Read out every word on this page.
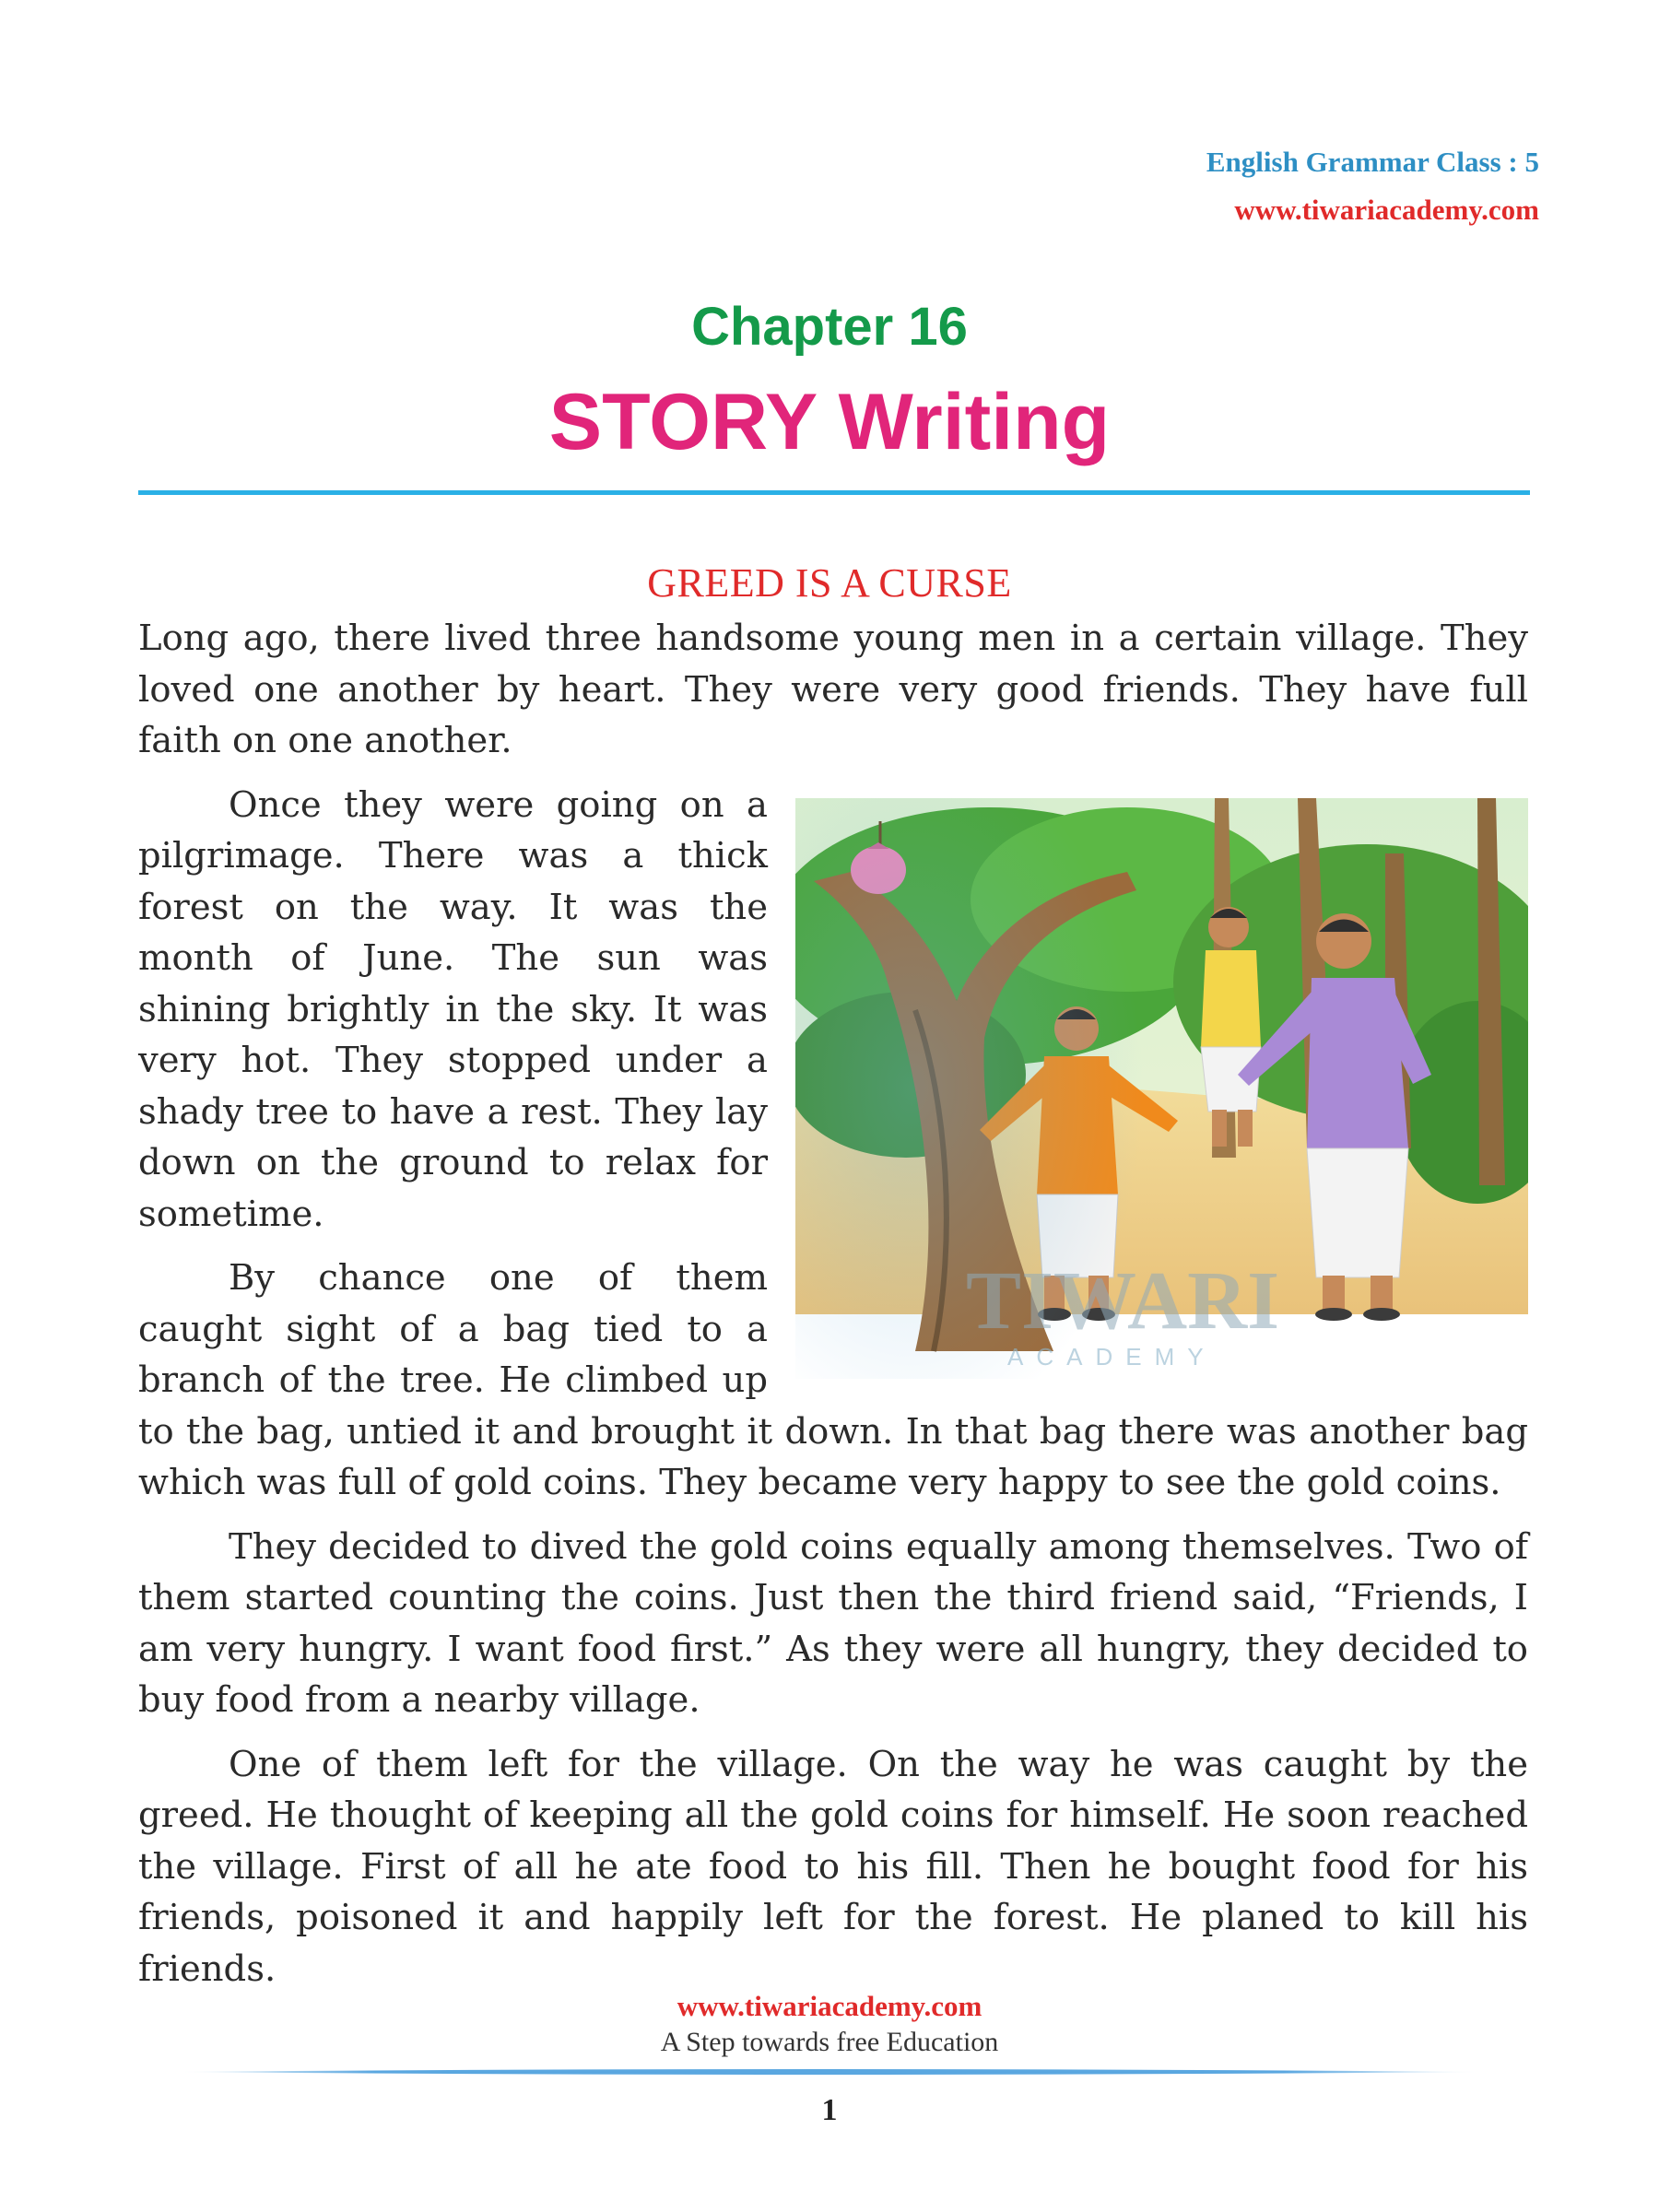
English Grammar Class : 5
www.tiwariacademy.com
Chapter 16
STORY Writing
GREED IS A CURSE

Long ago, there lived three handsome young men in a certain village. They loved one another by heart. They were very good friends. They have full faith on one another.

TIWARI
ACADEMY

Once they were going on a pilgrimage. There was a thick forest on the way. It was the month of June. The sun was shining brightly in the sky. It was very hot. They stopped under a shady tree to have a rest. They lay down on the ground to relax for sometime.

By chance one of them caught sight of a bag tied to a branch of the tree. He climbed up to the bag, untied it and brought it down. In that bag there was another bag which was full of gold coins. They became very happy to see the gold coins.

They decided to dived the gold coins equally among themselves. Two of them started counting the coins. Just then the third friend said, “Friends, I am very hungry. I want food first.” As they were all hungry, they decided to buy food from a nearby village.

One of them left for the village. On the way he was caught by the greed. He thought of keeping all the gold coins for himself. He soon reached the village. First of all he ate food to his fill. Then he bought food for his friends, poisoned it and happily left for the forest. He planed to kill his friends.

www.tiwariacademy.com
A Step towards free Education
1
